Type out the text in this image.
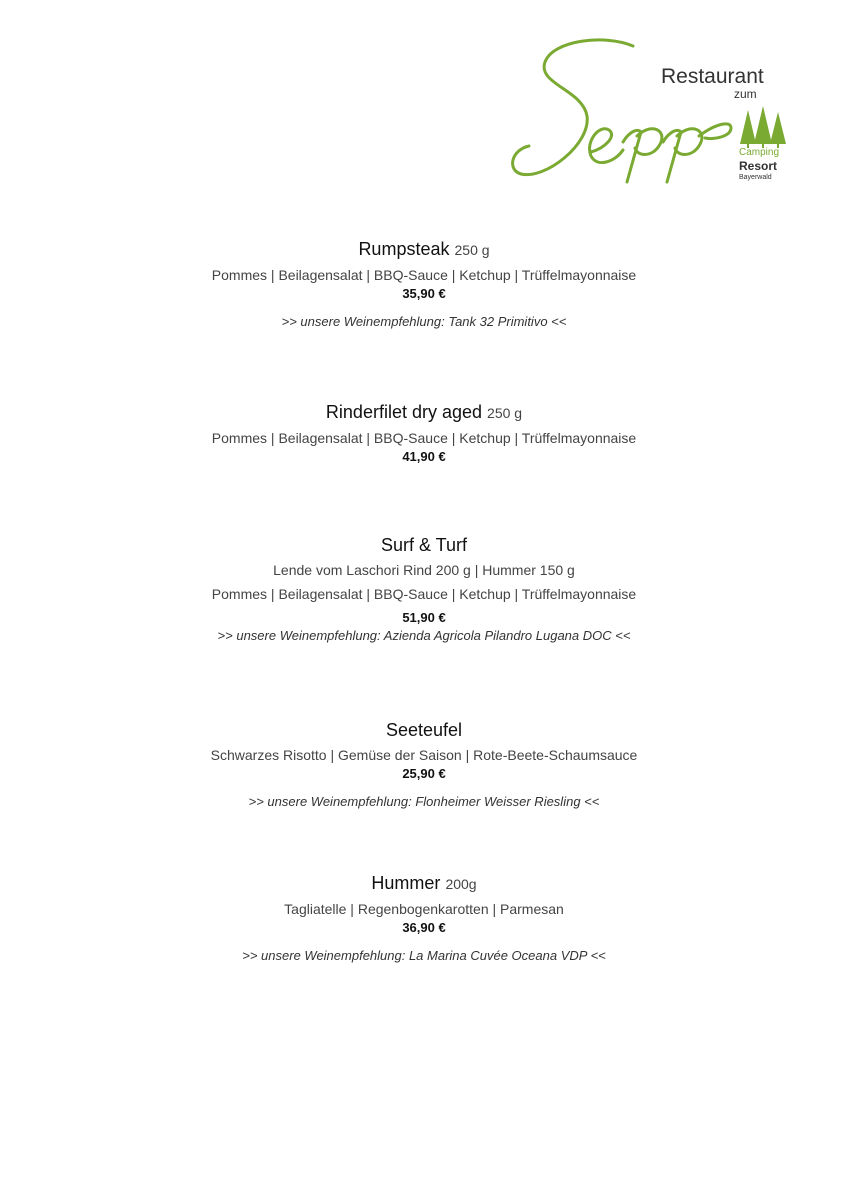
Restaurant
zum
Camping
Resort
Bayerwald

Rumpsteak 250 g

Pommes | Beilagensalat | BBQ-Sauce | Ketchup | Trüffelmayonnaise

35,90 €

>> unsere Weinempfehlung: Tank 32 Primitivo <<

Rinderfilet dry aged 250 g

Pommes | Beilagensalat | BBQ-Sauce | Ketchup | Trüffelmayonnaise

41,90 €

Surf & Turf

Lende vom Laschori Rind 200 g | Hummer 150 g

Pommes | Beilagensalat | BBQ-Sauce | Ketchup | Trüffelmayonnaise

51,90 €

>> unsere Weinempfehlung: Azienda Agricola Pilandro Lugana DOC <<

Seeteufel

Schwarzes Risotto | Gemüse der Saison | Rote-Beete-Schaumsauce

25,90 €

>> unsere Weinempfehlung: Flonheimer Weisser Riesling <<

Hummer 200g

Tagliatelle | Regenbogenkarotten | Parmesan

36,90 €

>> unsere Weinempfehlung: La Marina Cuvée Oceana VDP <<
